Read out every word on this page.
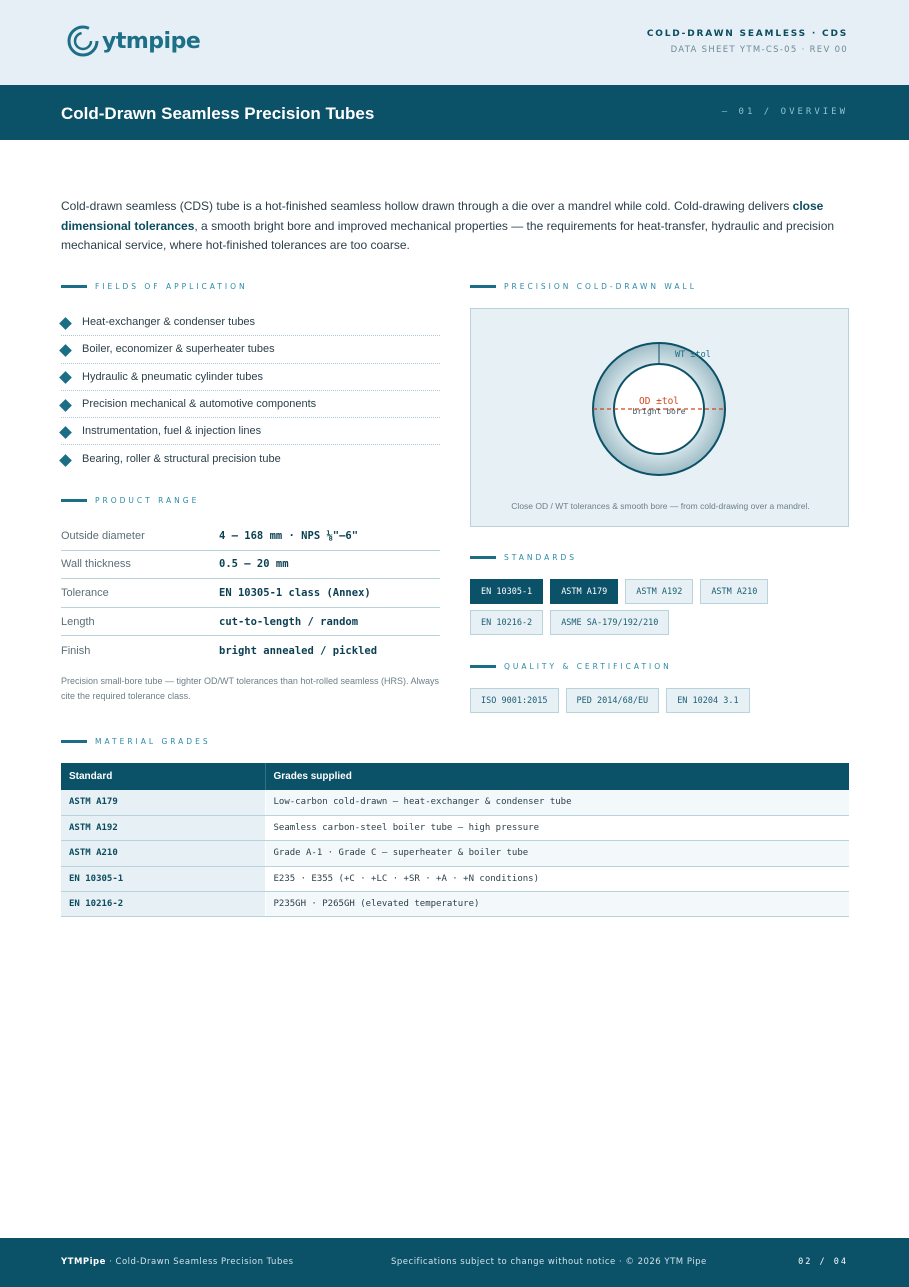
ytmpipe	COLD-DRAWN SEAMLESS · CDS
DATA SHEET YTM-CS-05 · REV 00
Cold-Drawn Seamless Precision Tubes	— 01 / OVERVIEW

Cold-drawn seamless (CDS) tube is a hot-finished seamless hollow drawn through a die over a mandrel while cold. Cold-drawing delivers close dimensional tolerances, a smooth bright bore and improved mechanical properties — the requirements for heat-transfer, hydraulic and precision mechanical service, where hot-finished tolerances are too coarse.

FIELDS OF APPLICATION
Heat-exchanger & condenser tubes
Boiler, economizer & superheater tubes
Hydraulic & pneumatic cylinder tubes
Precision mechanical & automotive components
Instrumentation, fuel & injection lines
Bearing, roller & structural precision tube
PRODUCT RANGE
Outside diameter	4 – 168 mm · NPS ⅛"–6"
Wall thickness	0.5 – 20 mm
Tolerance	EN 10305-1 class (Annex)
Length	cut-to-length / random
Finish	bright annealed / pickled

Precision small-bore tube — tighter OD/WT tolerances than hot-rolled seamless (HRS). Always cite the required tolerance class.

PRECISION COLD-DRAWN WALL
WT ±tol
OD ±tol
bright bore
Close OD / WT tolerances & smooth bore — from cold-drawing over a mandrel.
STANDARDS
EN 10305-1	ASTM A179	ASTM A192	ASTM A210
EN 10216-2	ASME SA-179/192/210
QUALITY & CERTIFICATION
ISO 9001:2015	PED 2014/68/EU	EN 10204 3.1
MATERIAL GRADES
Standard	Grades supplied
ASTM A179	Low-carbon cold-drawn — heat-exchanger & condenser tube
ASTM A192	Seamless carbon-steel boiler tube — high pressure
ASTM A210	Grade A-1 · Grade C — superheater & boiler tube
EN 10305-1	E235 · E355 (+C · +LC · +SR · +A · +N conditions)
EN 10216-2	P235GH · P265GH (elevated temperature)
YTMPipe · Cold-Drawn Seamless Precision Tubes	Specifications subject to change without notice · © 2026 YTM Pipe	02 / 04
